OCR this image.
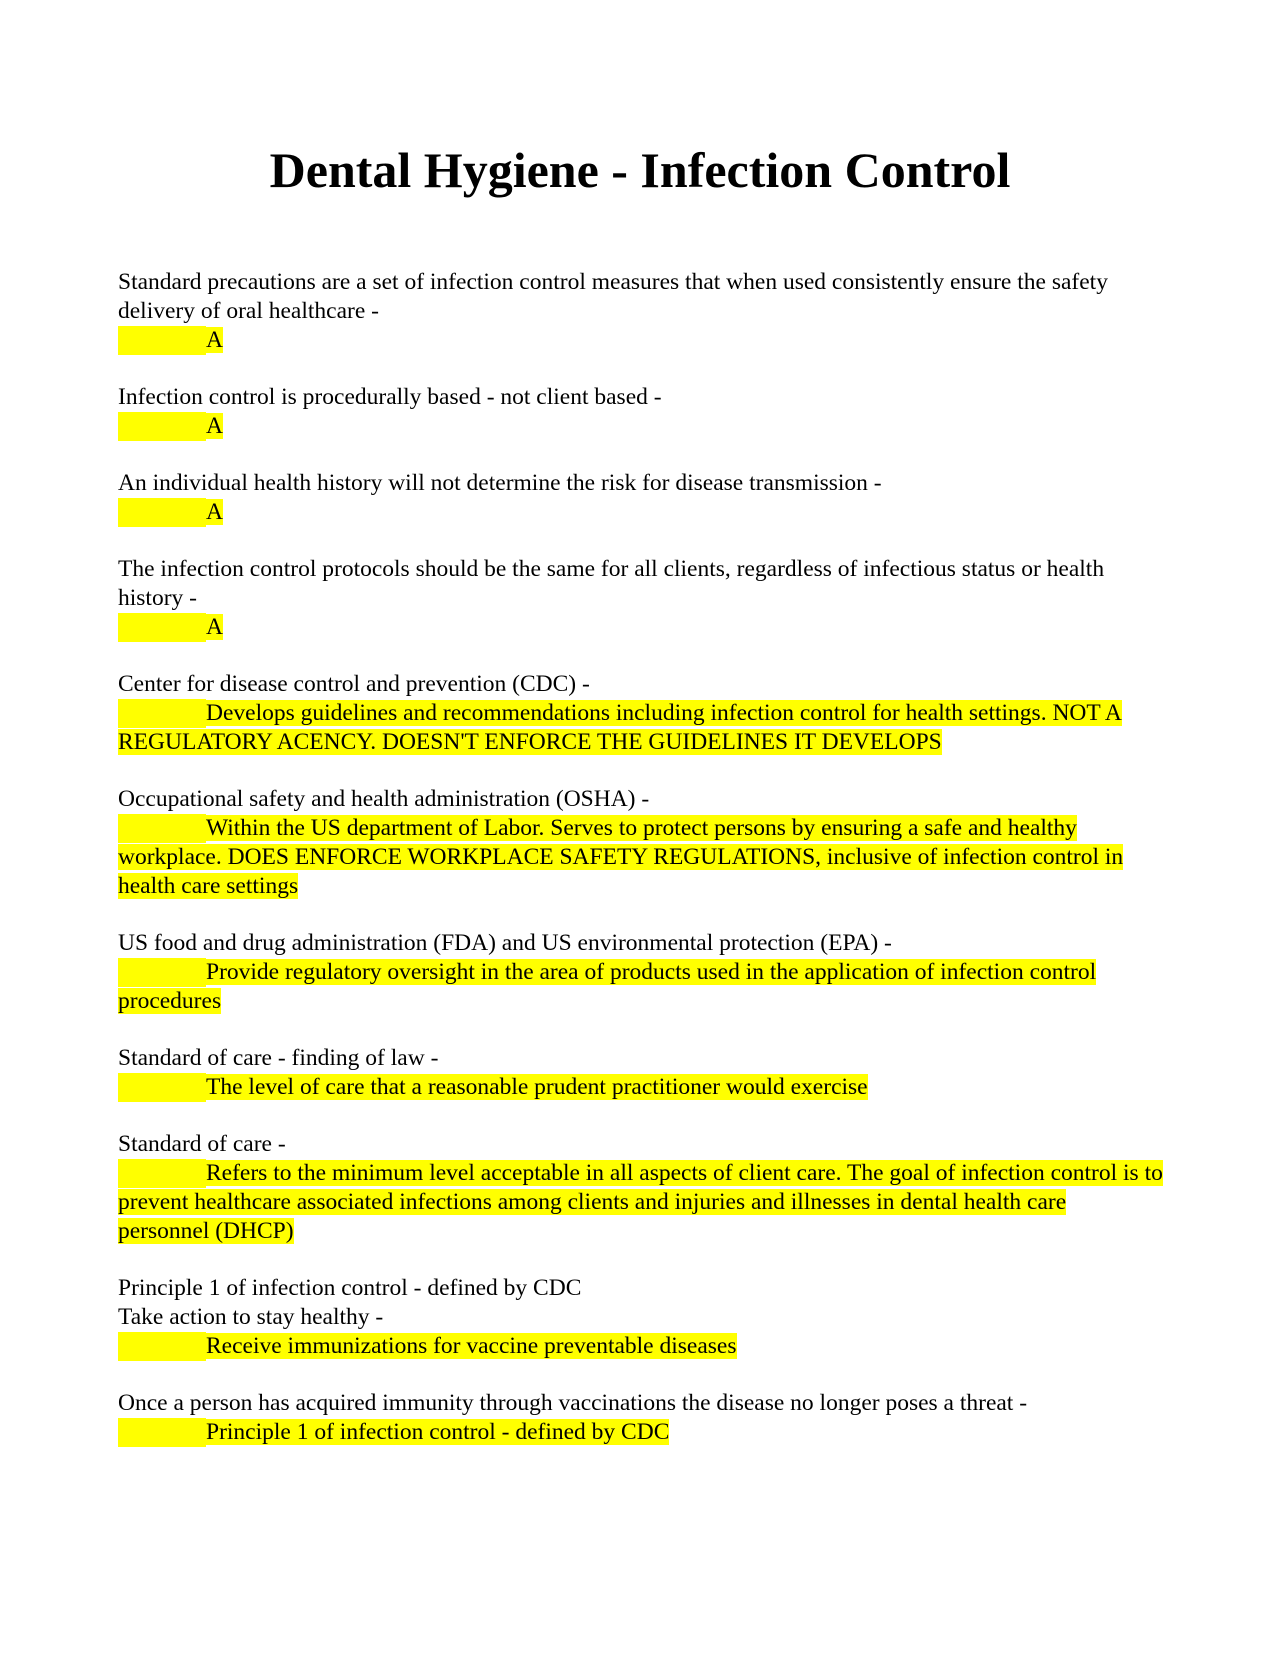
Dental Hygiene - Infection Control

Standard precautions are a set of infection control measures that when used consistently ensure the safety delivery of oral healthcare -

A

Infection control is procedurally based - not client based -

A

An individual health history will not determine the risk for disease transmission -

A

The infection control protocols should be the same for all clients, regardless of infectious status or health history -

A

Center for disease control and prevention (CDC) -

Develops guidelines and recommendations including infection control for health settings. NOT A REGULATORY ACENCY. DOESN'T ENFORCE THE GUIDELINES IT DEVELOPS

Occupational safety and health administration (OSHA) -

Within the US department of Labor. Serves to protect persons by ensuring a safe and healthy workplace. DOES ENFORCE WORKPLACE SAFETY REGULATIONS, inclusive of infection control in health care settings

US food and drug administration (FDA) and US environmental protection (EPA) -

Provide regulatory oversight in the area of products used in the application of infection control procedures

Standard of care - finding of law -

The level of care that a reasonable prudent practitioner would exercise

Standard of care -

Refers to the minimum level acceptable in all aspects of client care. The goal of infection control is to prevent healthcare associated infections among clients and injuries and illnesses in dental health care personnel (DHCP)

Principle 1 of infection control - defined by CDC
Take action to stay healthy -

Receive immunizations for vaccine preventable diseases

Once a person has acquired immunity through vaccinations the disease no longer poses a threat -

Principle 1 of infection control - defined by CDC
